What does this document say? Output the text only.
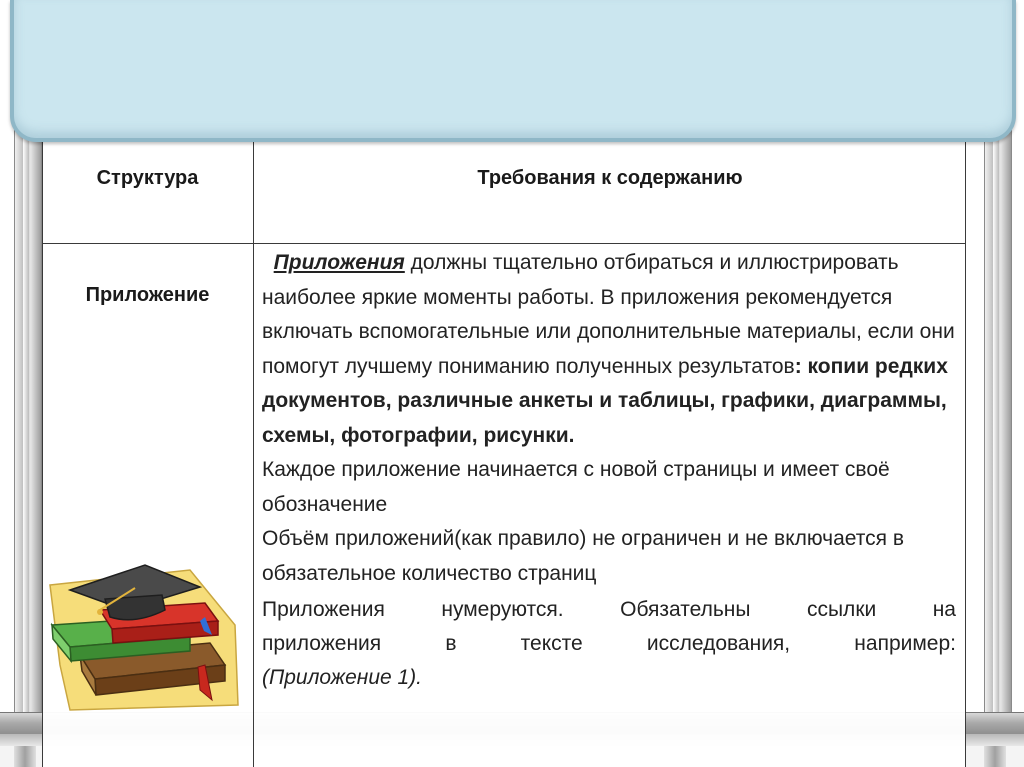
Структура	Требования к содержанию
Приложение

Приложения должны тщательно отбираться и иллюстрировать наиболее яркие моменты работы. В приложения рекомендуется включать вспомогательные или дополнительные материалы, если они помогут лучшему пониманию полученных результатов: копии редких документов, различные анкеты и таблицы, графики, диаграммы, схемы, фотографии, рисунки.

Каждое приложение начинается с новой страницы и имеет своё обозначение

Объём приложений(как правило) не ограничен и не включается в обязательное количество страниц

Приложения нумеруются. Обязательны ссылки на

приложения в тексте исследования, например:

(Приложение 1).
